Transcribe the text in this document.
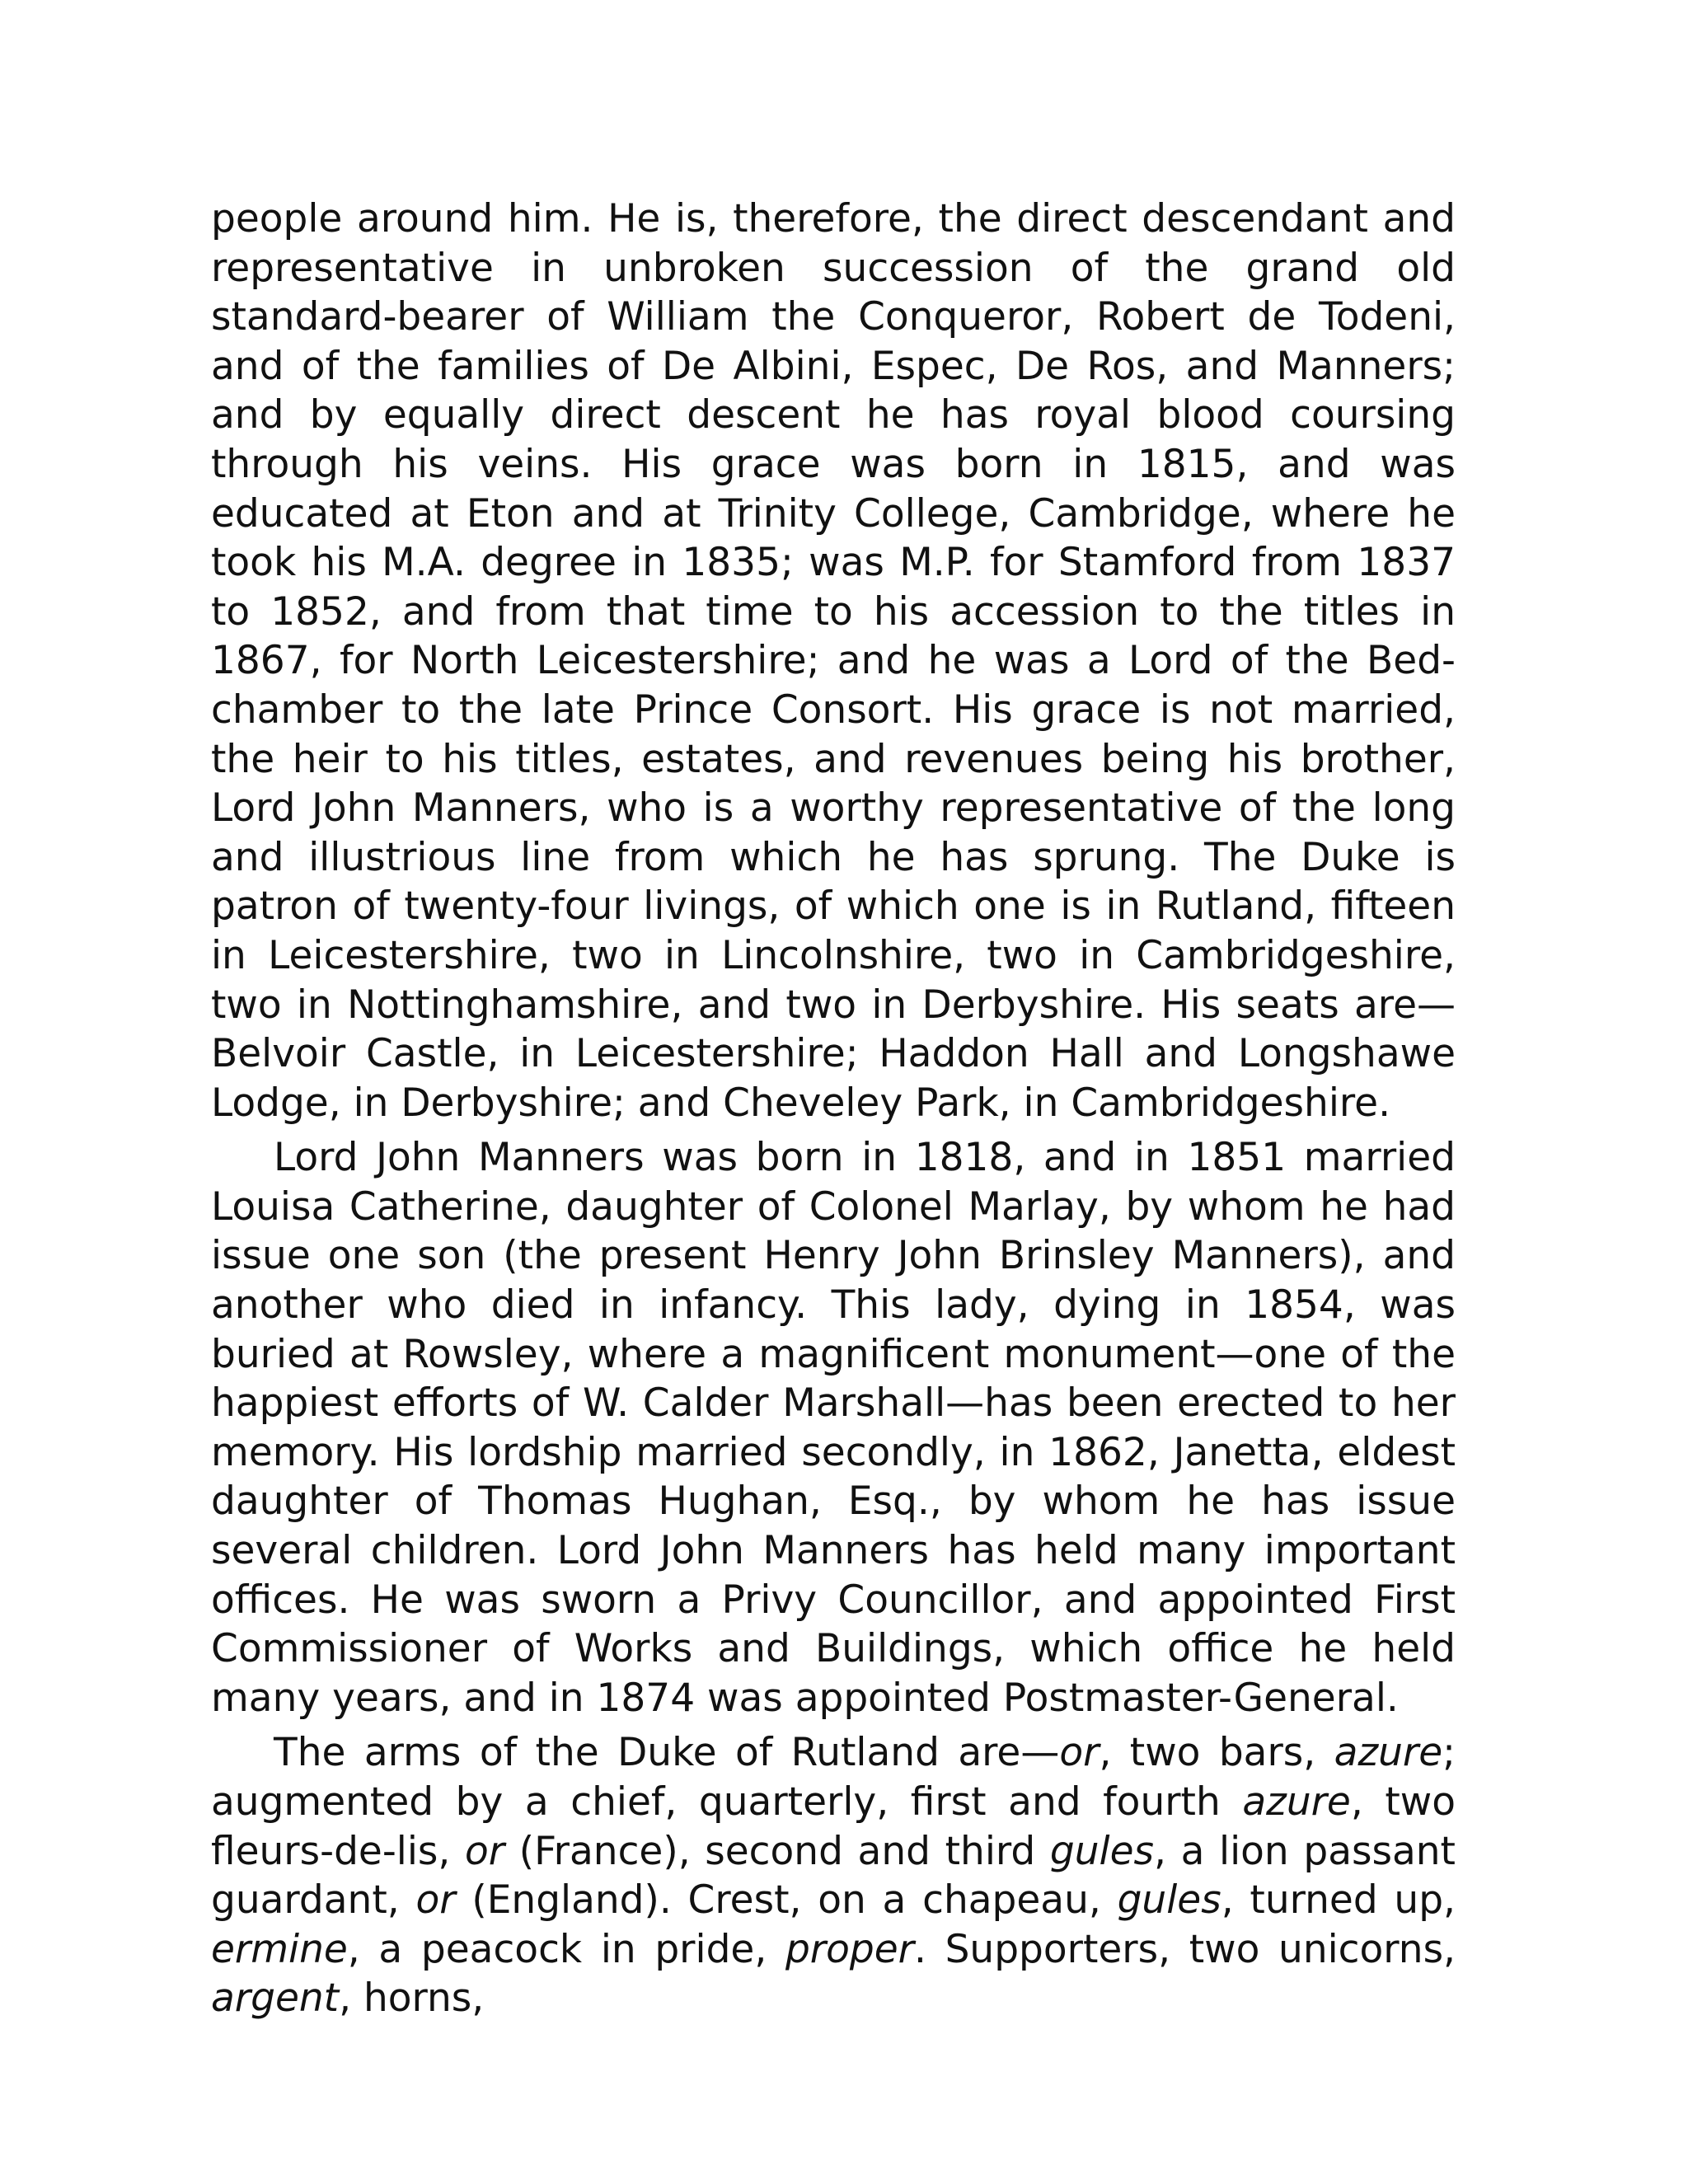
people around him. He is, therefore, the direct descendant and representative in unbroken succession of the grand old standard-bearer of William the Conqueror, Robert de Todeni, and of the families of De Albini, Espec, De Ros, and Manners; and by equally direct descent he has royal blood coursing through his veins. His grace was born in 1815, and was educated at Eton and at Trinity College, Cambridge, where he took his M.A. degree in 1835; was M.P. for Stamford from 1837 to 1852, and from that time to his accession to the titles in 1867, for North Leicestershire; and he was a Lord of the Bed-chamber to the late Prince Consort. His grace is not married, the heir to his titles, estates, and revenues being his brother, Lord John Manners, who is a worthy representative of the long and illustrious line from which he has sprung. The Duke is patron of twenty-four livings, of which one is in Rutland, fifteen in Leicestershire, two in Lincolnshire, two in Cambridgeshire, two in Nottinghamshire, and two in Derbyshire. His seats are—Belvoir Castle, in Leicestershire; Haddon Hall and Longshawe Lodge, in Derbyshire; and Cheveley Park, in Cambridgeshire.

Lord John Manners was born in 1818, and in 1851 married Louisa Catherine, daughter of Colonel Marlay, by whom he had issue one son (the present Henry John Brinsley Manners), and another who died in infancy. This lady, dying in 1854, was buried at Rowsley, where a magnificent monument—one of the happiest efforts of W. Calder Marshall—has been erected to her memory. His lordship married secondly, in 1862, Janetta, eldest daughter of Thomas Hughan, Esq., by whom he has issue several children. Lord John Manners has held many important offices. He was sworn a Privy Councillor, and appointed First Commissioner of Works and Buildings, which office he held many years, and in 1874 was appointed Postmaster-General.

The arms of the Duke of Rutland are—or, two bars, azure; augmented by a chief, quarterly, first and fourth azure, two fleurs-de-lis, or (France), second and third gules, a lion passant guardant, or (England). Crest, on a chapeau, gules, turned up, ermine, a peacock in pride, proper. Supporters, two unicorns, argent, horns,
